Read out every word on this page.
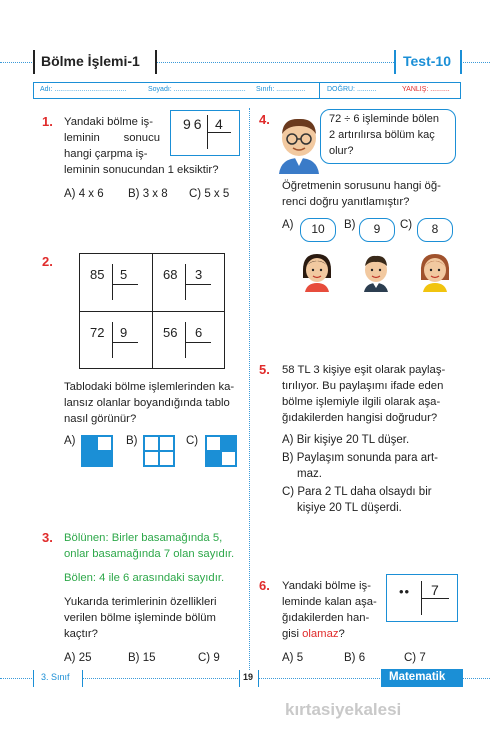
Bölme İşlemi-1	Test-10
Adı: .....................................	Soyadı: ..................................... Sınıfı: ...............	DOĞRU: ..........	YANLIŞ: ..........
1. Yandaki bölme iş-
leminin sonucu
hangi çarpma iş-
leminin sonucundan 1 eksiktir?
96 4
A) 4 x 6 B) 3 x 8 C) 5 x 5
2.
85 5	68 3
72 9	56 6
Tablodaki bölme işlemlerinden ka-
lansız olanlar boyandığında tablo
nasıl görünür?
A)	B)	C)
3. Bölünen: Birler basamağında 5,
onlar basamağında 7 olan sayıdır.
Bölen: 4 ile 6 arasındaki sayıdır.
Yukarıda terimlerinin özellikleri
verilen bölme işleminde bölüm
kaçtır?
A) 25	B) 15	C) 9
4.	72 ÷ 6 işleminde bölen
2 artırılırsa bölüm kaç
olur?
Öğretmenin sorusunu hangi öğ-
renci doğru yanıtlamıştır?
A)	10	B)	9	C)	8
5. 58 TL 3 kişiye eşit olarak paylaş-
tırılıyor. Bu paylaşımı ifade eden
bölme işlemiyle ilgili olarak aşa-
ğıdakilerden hangisi doğrudur?
A) Bir kişiye 20 TL düşer.
B) Paylaşım sonunda para art-
maz.
C) Para 2 TL daha olsaydı bir
kişiye 20 TL düşerdi.
6. Yandaki bölme iş-
leminde kalan aşa-
ğıdakilerden han-
gisi olamaz?
•• 7
A) 5	B) 6	C) 7
3. Sınıf	19	Matematik
kırtasiyekalesi
